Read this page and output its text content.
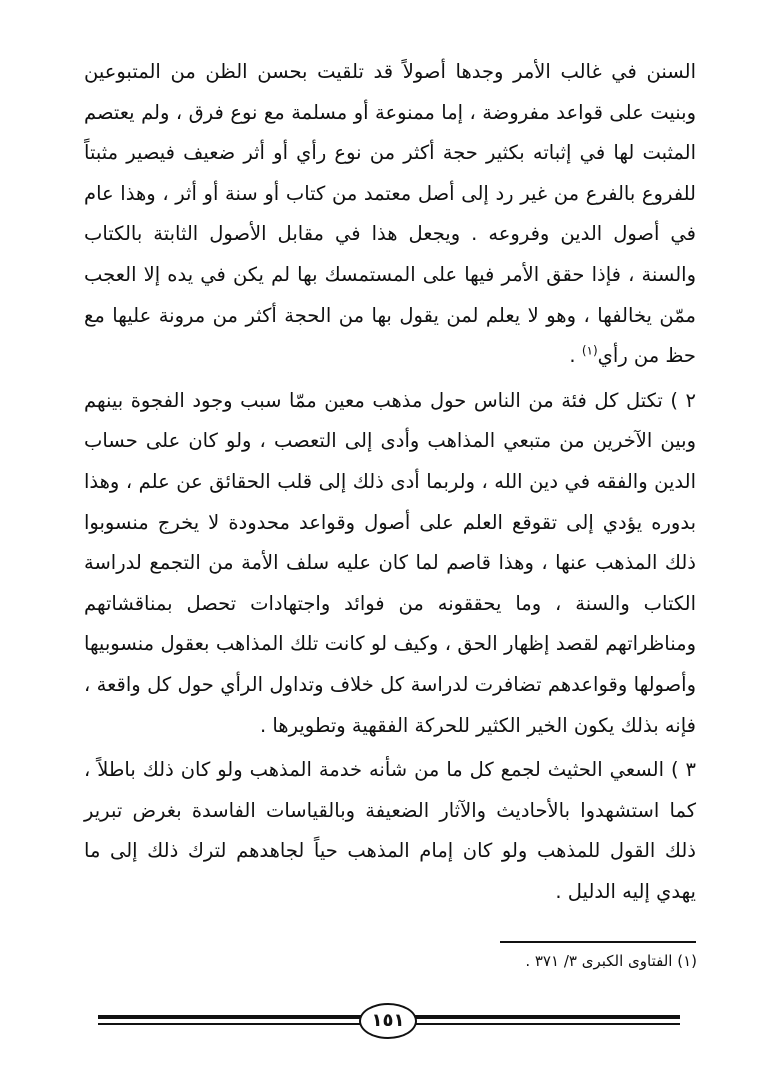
السنن في غالب الأمر وجدها أصولاً قد تلقيت بحسن الظن من المتبوعين وبنيت على قواعد مفروضة ، إما ممنوعة أو مسلمة مع نوع فرق ، ولم يعتصم المثبت لها في إثباته بكثير حجة أكثر من نوع رأي أو أثر ضعيف فيصير مثبتاً للفروع بالفرع من غير رد إلى أصل معتمد من كتاب أو سنة أو أثر ، وهذا عام في أصول الدين وفروعه . ويجعل هذا في مقابل الأصول الثابتة بالكتاب والسنة ، فإذا حقق الأمر فيها على المستمسك بها لم يكن في يده إلا العجب ممّن يخالفها ، وهو لا يعلم لمن يقول بها من الحجة أكثر من مرونة عليها مع حظ من رأي$^{(١)}$ .

٢ ) تكتل كل فئة من الناس حول مذهب معين ممّا سبب وجود الفجوة بينهم وبين الآخرين من متبعي المذاهب وأدى إلى التعصب ، ولو كان على حساب الدين والفقه في دين الله ، ولربما أدى ذلك إلى قلب الحقائق عن علم ، وهذا بدوره يؤدي إلى تقوقع العلم على أصول وقواعد محدودة لا يخرج منسوبوا ذلك المذهب عنها ، وهذا قاصم لما كان عليه سلف الأمة من التجمع لدراسة الكتاب والسنة ، وما يحققونه من فوائد واجتهادات تحصل بمناقشاتهم ومناظراتهم لقصد إظهار الحق ، وكيف لو كانت تلك المذاهب بعقول منسوبيها وأصولها وقواعدهم تضافرت لدراسة كل خلاف وتداول الرأي حول كل واقعة ، فإنه بذلك يكون الخير الكثير للحركة الفقهية وتطويرها .

٣ ) السعي الحثيث لجمع كل ما من شأنه خدمة المذهب ولو كان ذلك باطلاً ، كما استشهدوا بالأحاديث والآثار الضعيفة وبالقياسات الفاسدة بغرض تبرير ذلك القول للمذهب ولو كان إمام المذهب حياً لجاهدهم لترك ذلك إلى ما يهدي إليه الدليل .

(١) الفتاوى الكبرى ٣/ ٣٧١ .
١٥١
